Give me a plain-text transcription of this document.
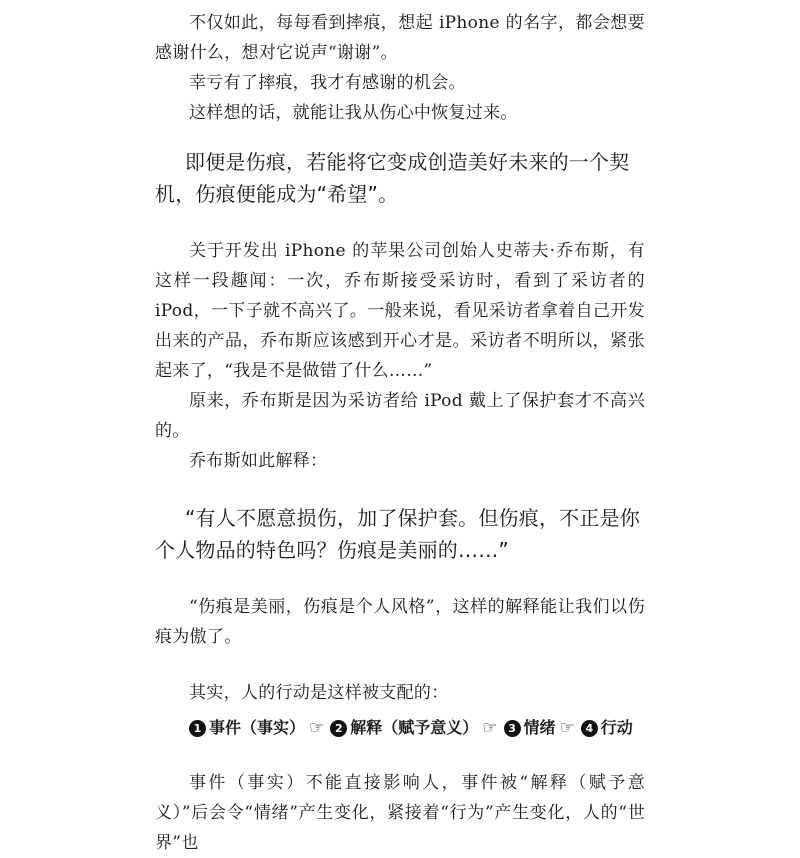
不仅如此，每每看到摔痕，想起 iPhone 的名字，都会想要感谢什么，想对它说声“谢谢”。

幸亏有了摔痕，我才有感谢的机会。

这样想的话，就能让我从伤心中恢复过来。

即便是伤痕，若能将它变成创造美好未来的一个契机，伤痕便能成为“希望”。

关于开发出 iPhone 的苹果公司创始人史蒂夫·乔布斯，有这样一段趣闻：一次，乔布斯接受采访时，看到了采访者的 iPod，一下子就不高兴了。一般来说，看见采访者拿着自己开发出来的产品，乔布斯应该感到开心才是。采访者不明所以，紧张起来了，“我是不是做错了什么……”

原来，乔布斯是因为采访者给 iPod 戴上了保护套才不高兴的。

乔布斯如此解释：

“有人不愿意损伤，加了保护套。但伤痕，不正是你个人物品的特色吗？伤痕是美丽的……”

“伤痕是美丽，伤痕是个人风格”，这样的解释能让我们以伤痕为傲了。

其实，人的行动是这样被支配的：

1 事件（事实） ☞ 2 解释（赋予意义） ☞ 3 情绪 ☞ 4 行动

事件（事实）不能直接影响人，事件被“解释（赋予意义）”后会令“情绪”产生变化，紧接着“行为”产生变化，人的“世界”也
